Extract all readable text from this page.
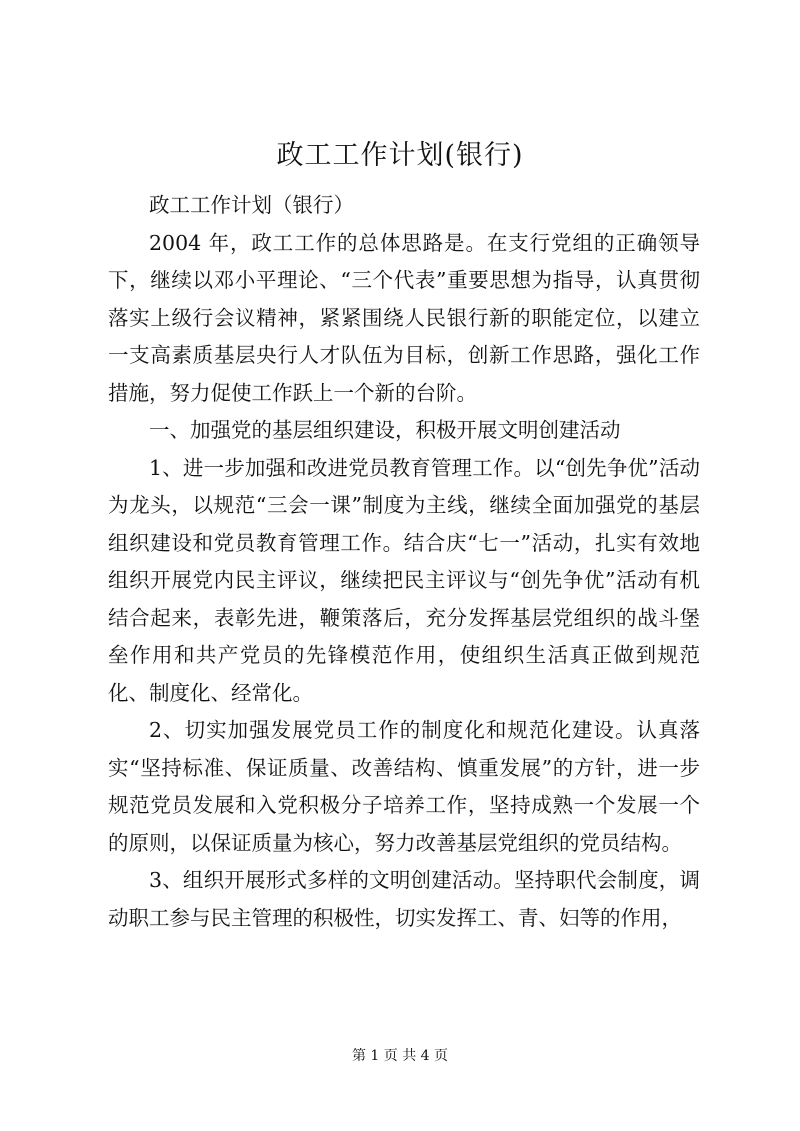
政工工作计划(银行)

政工工作计划（银行）

2004 年，政工工作的总体思路是。在支行党组的正确领导下，继续以邓小平理论、“三个代表”重要思想为指导，认真贯彻落实上级行会议精神，紧紧围绕人民银行新的职能定位，以建立一支高素质基层央行人才队伍为目标，创新工作思路，强化工作措施，努力促使工作跃上一个新的台阶。

一、加强党的基层组织建设，积极开展文明创建活动

1、进一步加强和改进党员教育管理工作。以“创先争优”活动为龙头，以规范“三会一课”制度为主线，继续全面加强党的基层组织建设和党员教育管理工作。结合庆“七一”活动，扎实有效地组织开展党内民主评议，继续把民主评议与“创先争优”活动有机结合起来，表彰先进，鞭策落后，充分发挥基层党组织的战斗堡垒作用和共产党员的先锋模范作用，使组织生活真正做到规范化、制度化、经常化。

2、切实加强发展党员工作的制度化和规范化建设。认真落实“坚持标准、保证质量、改善结构、慎重发展”的方针，进一步规范党员发展和入党积极分子培养工作，坚持成熟一个发展一个的原则，以保证质量为核心，努力改善基层党组织的党员结构。

3、组织开展形式多样的文明创建活动。坚持职代会制度，调动职工参与民主管理的积极性，切实发挥工、青、妇等的作用，

第 1 页 共 4 页
